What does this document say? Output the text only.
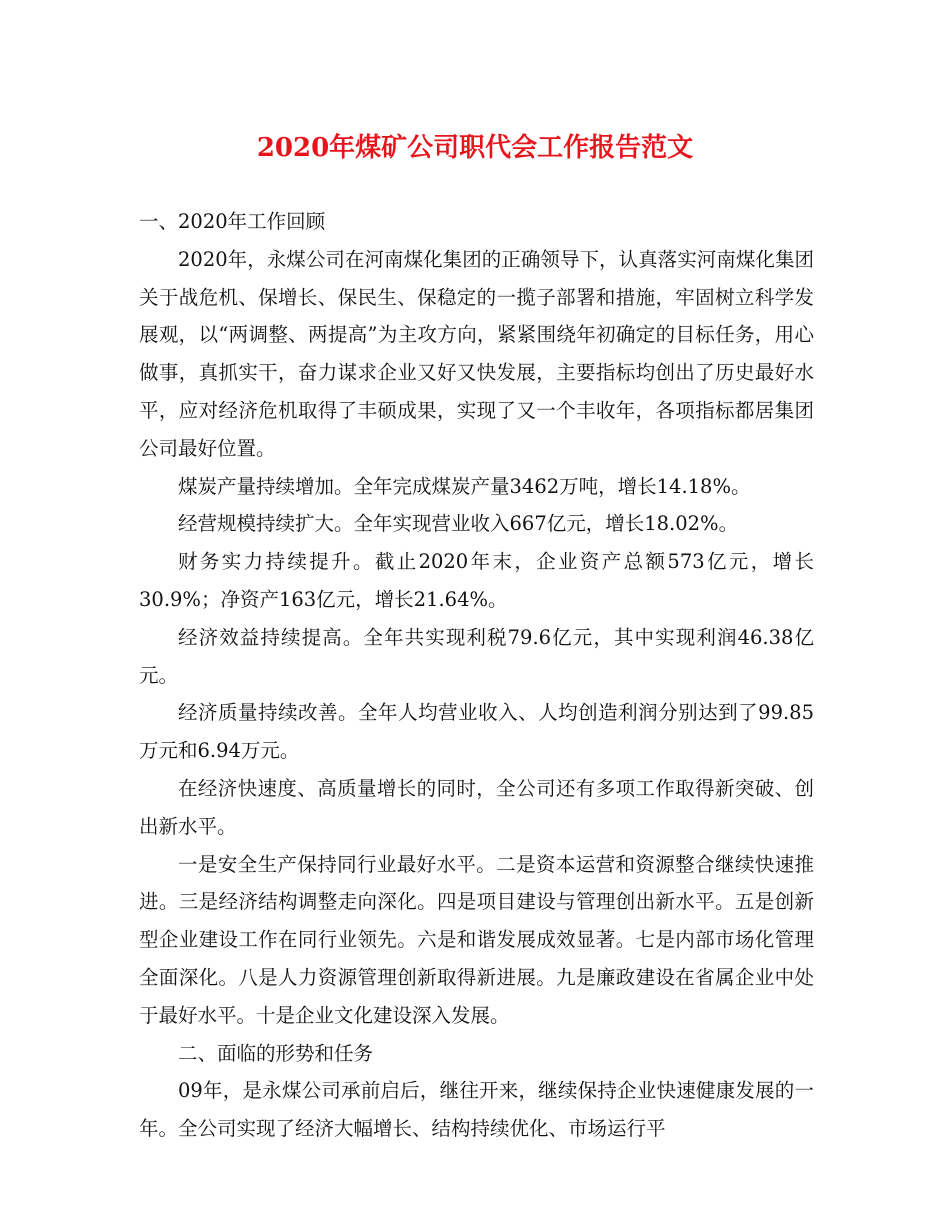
2020年煤矿公司职代会工作报告范文

一、2020年工作回顾

2020年，永煤公司在河南煤化集团的正确领导下，认真落实河南煤化集团关于战危机、保增长、保民生、保稳定的一揽子部署和措施，牢固树立科学发展观，以“两调整、两提高”为主攻方向，紧紧围绕年初确定的目标任务，用心做事，真抓实干，奋力谋求企业又好又快发展，主要指标均创出了历史最好水平，应对经济危机取得了丰硕成果，实现了又一个丰收年，各项指标都居集团公司最好位置。

煤炭产量持续增加。全年完成煤炭产量3462万吨，增长14.18%。

经营规模持续扩大。全年实现营业收入667亿元，增长18.02%。

财务实力持续提升。截止2020年末，企业资产总额573亿元，增长30.9%；净资产163亿元，增长21.64%。

经济效益持续提高。全年共实现利税79.6亿元，其中实现利润46.38亿元。

经济质量持续改善。全年人均营业收入、人均创造利润分别达到了99.85万元和6.94万元。

在经济快速度、高质量增长的同时，全公司还有多项工作取得新突破、创出新水平。

一是安全生产保持同行业最好水平。二是资本运营和资源整合继续快速推进。三是经济结构调整走向深化。四是项目建设与管理创出新水平。五是创新型企业建设工作在同行业领先。六是和谐发展成效显著。七是内部市场化管理全面深化。八是人力资源管理创新取得新进展。九是廉政建设在省属企业中处于最好水平。十是企业文化建设深入发展。

二、面临的形势和任务

09年，是永煤公司承前启后，继往开来，继续保持企业快速健康发展的一年。全公司实现了经济大幅增长、结构持续优化、市场运行平
